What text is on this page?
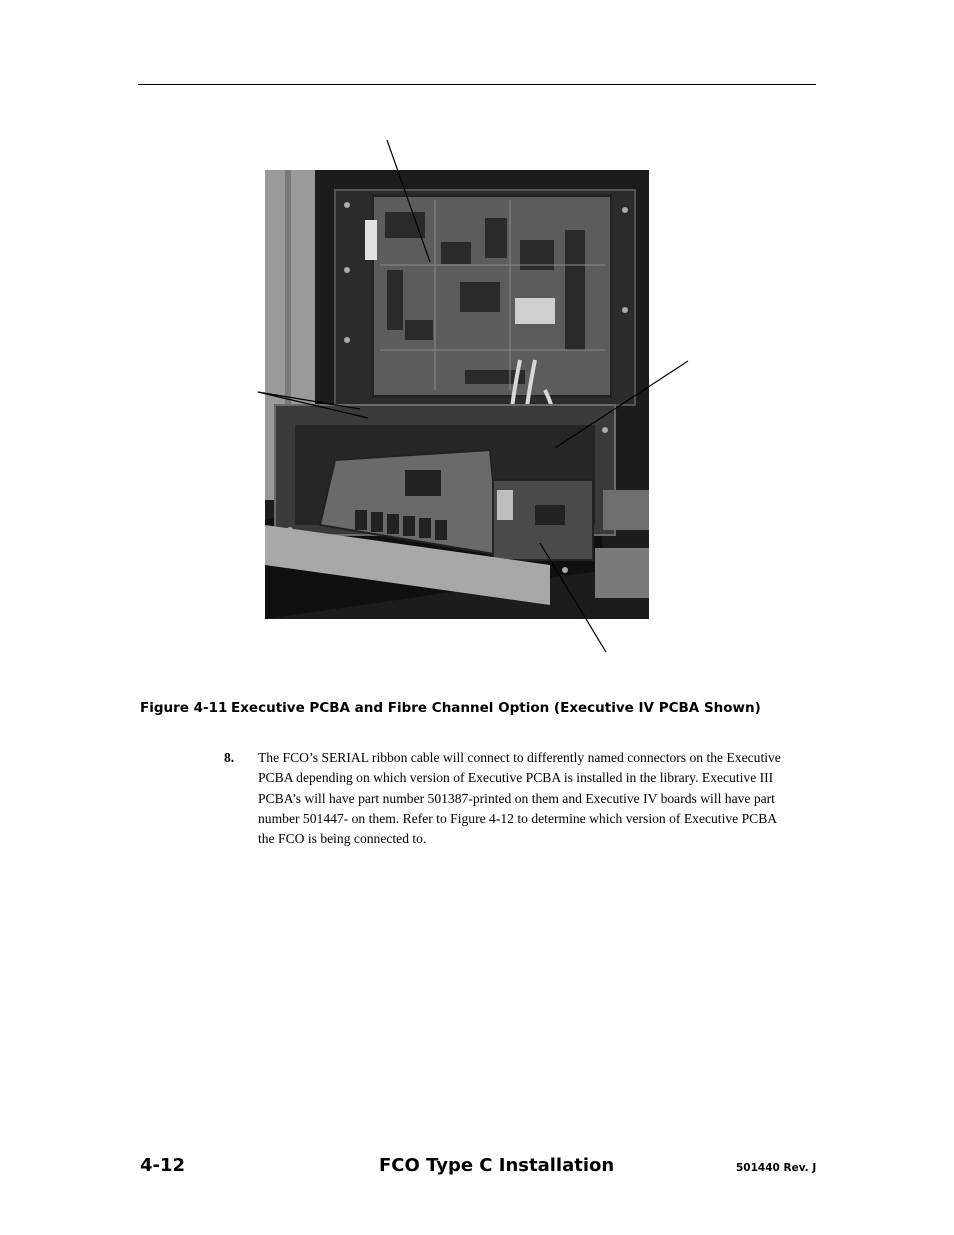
Figure 4-11 Executive PCBA and Fibre Channel Option (Executive IV PCBA Shown)
8. The FCO’s SERIAL ribbon cable will connect to differently named connectors on the Executive PCBA depending on which version of Executive PCBA is installed in the library. Executive III PCBA’s will have part number 501387-printed on them and Executive IV boards will have part number 501447- on them. Refer to Figure 4-12 to determine which version of Executive PCBA the FCO is being connected to.
4-12	FCO Type C Installation	501440 Rev. J
